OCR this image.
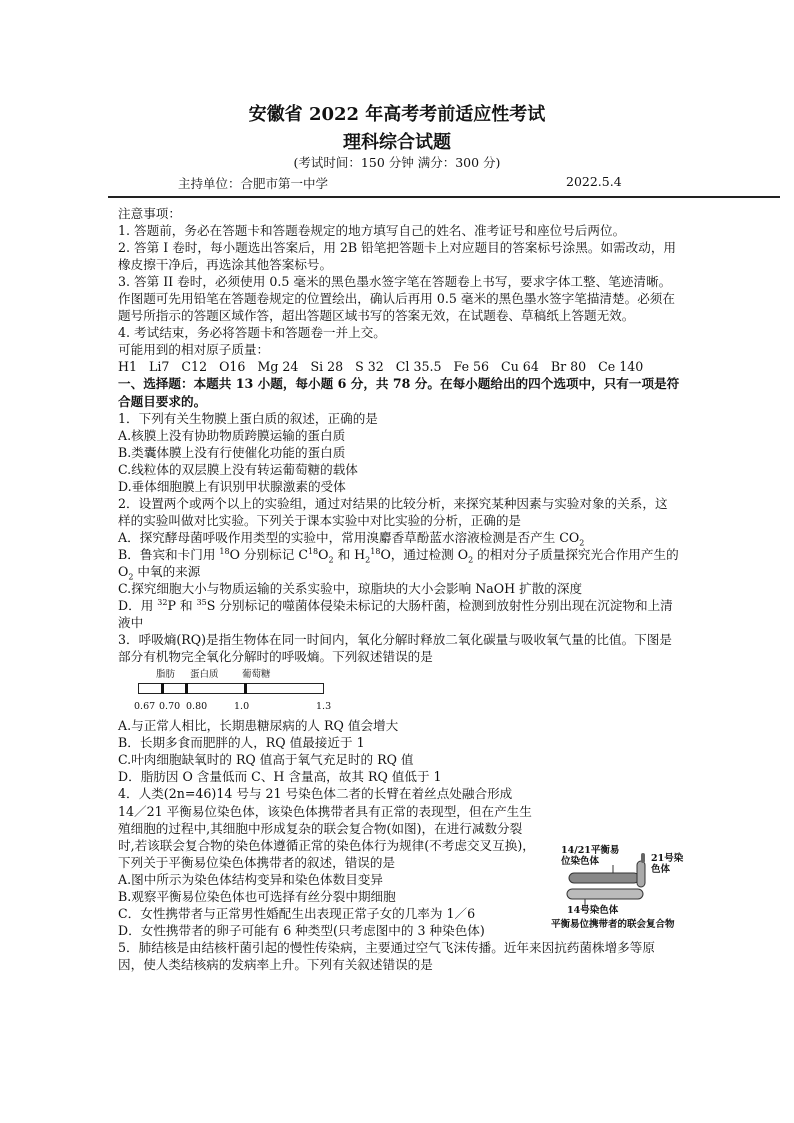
安徽省 2022 年高考考前适应性考试
理科综合试题
(考试时间：150 分钟 满分：300 分)
主持单位：合肥市第一中学	2022.5.4

注意事项：

1. 答题前，务必在答题卡和答题卷规定的地方填写自己的姓名、准考证号和座位号后两位。

2. 答第 I 卷时，每小题选出答案后，用 2B 铅笔把答题卡上对应题目的答案标号涂黑。如需改动，用橡皮擦干净后，再选涂其他答案标号。

3. 答第 II 卷时，必须使用 0.5 毫米的黑色墨水签字笔在答题卷上书写，要求字体工整、笔迹清晰。作图题可先用铅笔在答题卷规定的位置绘出，确认后再用 0.5 毫米的黑色墨水签字笔描清楚。必须在题号所指示的答题区域作答，超出答题区域书写的答案无效，在试题卷、草稿纸上答题无效。

4. 考试结束，务必将答题卡和答题卷一并上交。

可能用到的相对原子质量：

H1   Li7   C12   O16   Mg 24   Si 28   S 32   Cl 35.5   Fe 56   Cu 64   Br 80   Ce 140

一、选择题：本题共 13 小题，每小题 6 分，共 78 分。在每小题给出的四个选项中，只有一项是符合题目要求的。

1．下列有关生物膜上蛋白质的叙述，正确的是

A.核膜上没有协助物质跨膜运输的蛋白质

B.类囊体膜上没有行使催化功能的蛋白质

C.线粒体的双层膜上没有转运葡萄糖的载体

D.垂体细胞膜上有识别甲状腺激素的受体

2．设置两个或两个以上的实验组，通过对结果的比较分析，来探究某种因素与实验对象的关系，这样的实验叫做对比实验。下列关于课本实验中对比实验的分析，正确的是

A．探究酵母菌呼吸作用类型的实验中，常用溴麝香草酚蓝水溶液检测是否产生 $CO_2$

B．鲁宾和卡门用 $^{18}$O 分别标记 $C^{18}O_2$ 和 $H_2^{18}O$，通过检测 $O_2$ 的相对分子质量探究光合作用产生的 $O_2$ 中氧的来源

C.探究细胞大小与物质运输的关系实验中，琼脂块的大小会影响 NaOH 扩散的深度

D．用 $^{32}$P 和 $^{35}$S 分别标记的噬菌体侵染未标记的大肠杆菌，检测到放射性分别出现在沉淀物和上清液中

3．呼吸熵(RQ)是指生物体在同一时间内，氧化分解时释放二氧化碳量与吸收氧气量的比值。下图是部分有机物完全氧化分解时的呼吸熵。下列叙述错误的是

脂肪 蛋白质 葡萄糖
0.67 0.70 0.80	1.0	1.3

A.与正常人相比，长期患糖尿病的人 RQ 值会增大

B．长期多食而肥胖的人，RQ 值最接近于 1

C.叶肉细胞缺氧时的 RQ 值高于氧气充足时的 RQ 值

D．脂肪因 O 含量低而 C、H 含量高，故其 RQ 值低于 1

4．人类(2n=46)14 号与 21 号染色体二者的长臂在着丝点处融合形成

14／21 平衡易位染色体，该染色体携带者具有正常的表现型，但在产生生殖细胞的过程中,其细胞中形成复杂的联会复合物(如图)，在进行减数分裂时,若该联会复合物的染色体遵循正常的染色体行为规律(不考虑交叉互换)，下列关于平衡易位染色体携带者的叙述，错误的是

A.图中所示为染色体结构变异和染色体数目变异

B.观察平衡易位染色体也可选择有丝分裂中期细胞

C．女性携带者与正常男性婚配生出表现正常子女的几率为 1／6

D．女性携带者的卵子可能有 6 种类型(只考虑图中的 3 种染色体)

5．肺结核是由结核杆菌引起的慢性传染病，主要通过空气飞沫传播。近年来因抗药菌株增多等原因，使人类结核病的发病率上升。下列有关叙述错误的是

14/21平衡易位染色体	21号染色体
14号染色体
平衡易位携带者的联会复合物
